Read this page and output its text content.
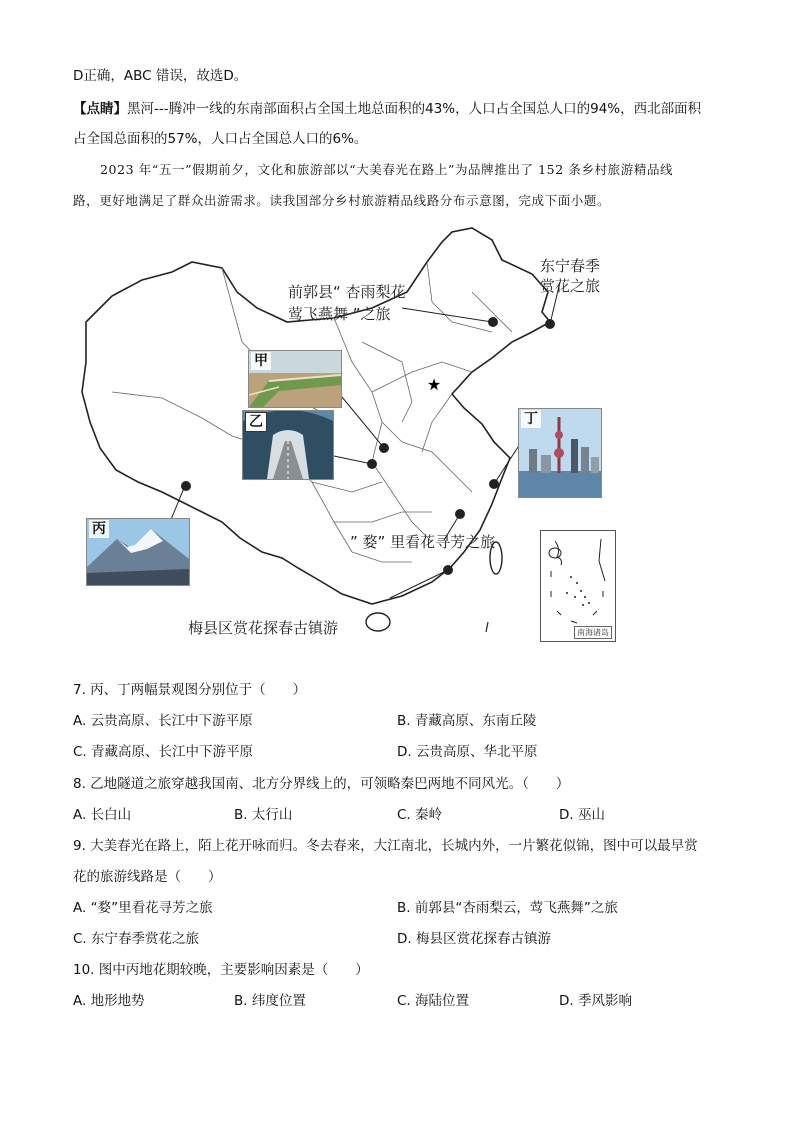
D正确，ABC 错误，故选D。
【点睛】黑河---腾冲一线的东南部面积占全国土地总面积的43%，人口占全国总人口的94%，西北部面积
占全国总面积的57%，人口占全国总人口的6%。
2023 年“五一”假期前夕，文化和旅游部以“大美春光在路上”为品牌推出了 152 条乡村旅游精品线
路，更好地满足了群众出游需求。读我国部分乡村旅游精品线路分布示意图，完成下面小题。
★
前郭县“ 杏雨梨花
莺飞燕舞 ”之旅
东宁春季
赏花之旅
” 婺” 里看花寻芳之旅
梅县区赏花探春古镇游
甲
乙
丙
丁
南海诸岛
7. 丙、丁两幅景观图分别位于（　　）
A. 云贵高原、长江中下游平原	B. 青藏高原、东南丘陵
C. 青藏高原、长江中下游平原	D. 云贵高原、华北平原
8. 乙地隧道之旅穿越我国南、北方分界线上的，可领略秦巴两地不同风光。（　　）
A. 长白山	B. 太行山	C. 秦岭	D. 巫山
9. 大美春光在路上，陌上花开咏而归。冬去春来，大江南北，长城内外，一片繁花似锦，图中可以最早赏
花的旅游线路是（　　）
A. “婺”里看花寻芳之旅	B. 前郭县“杏雨梨云，莺飞燕舞”之旅
C. 东宁春季赏花之旅	D. 梅县区赏花探春古镇游
10. 图中丙地花期较晚，主要影响因素是（　　）
A. 地形地势	B. 纬度位置	C. 海陆位置	D. 季风影响
